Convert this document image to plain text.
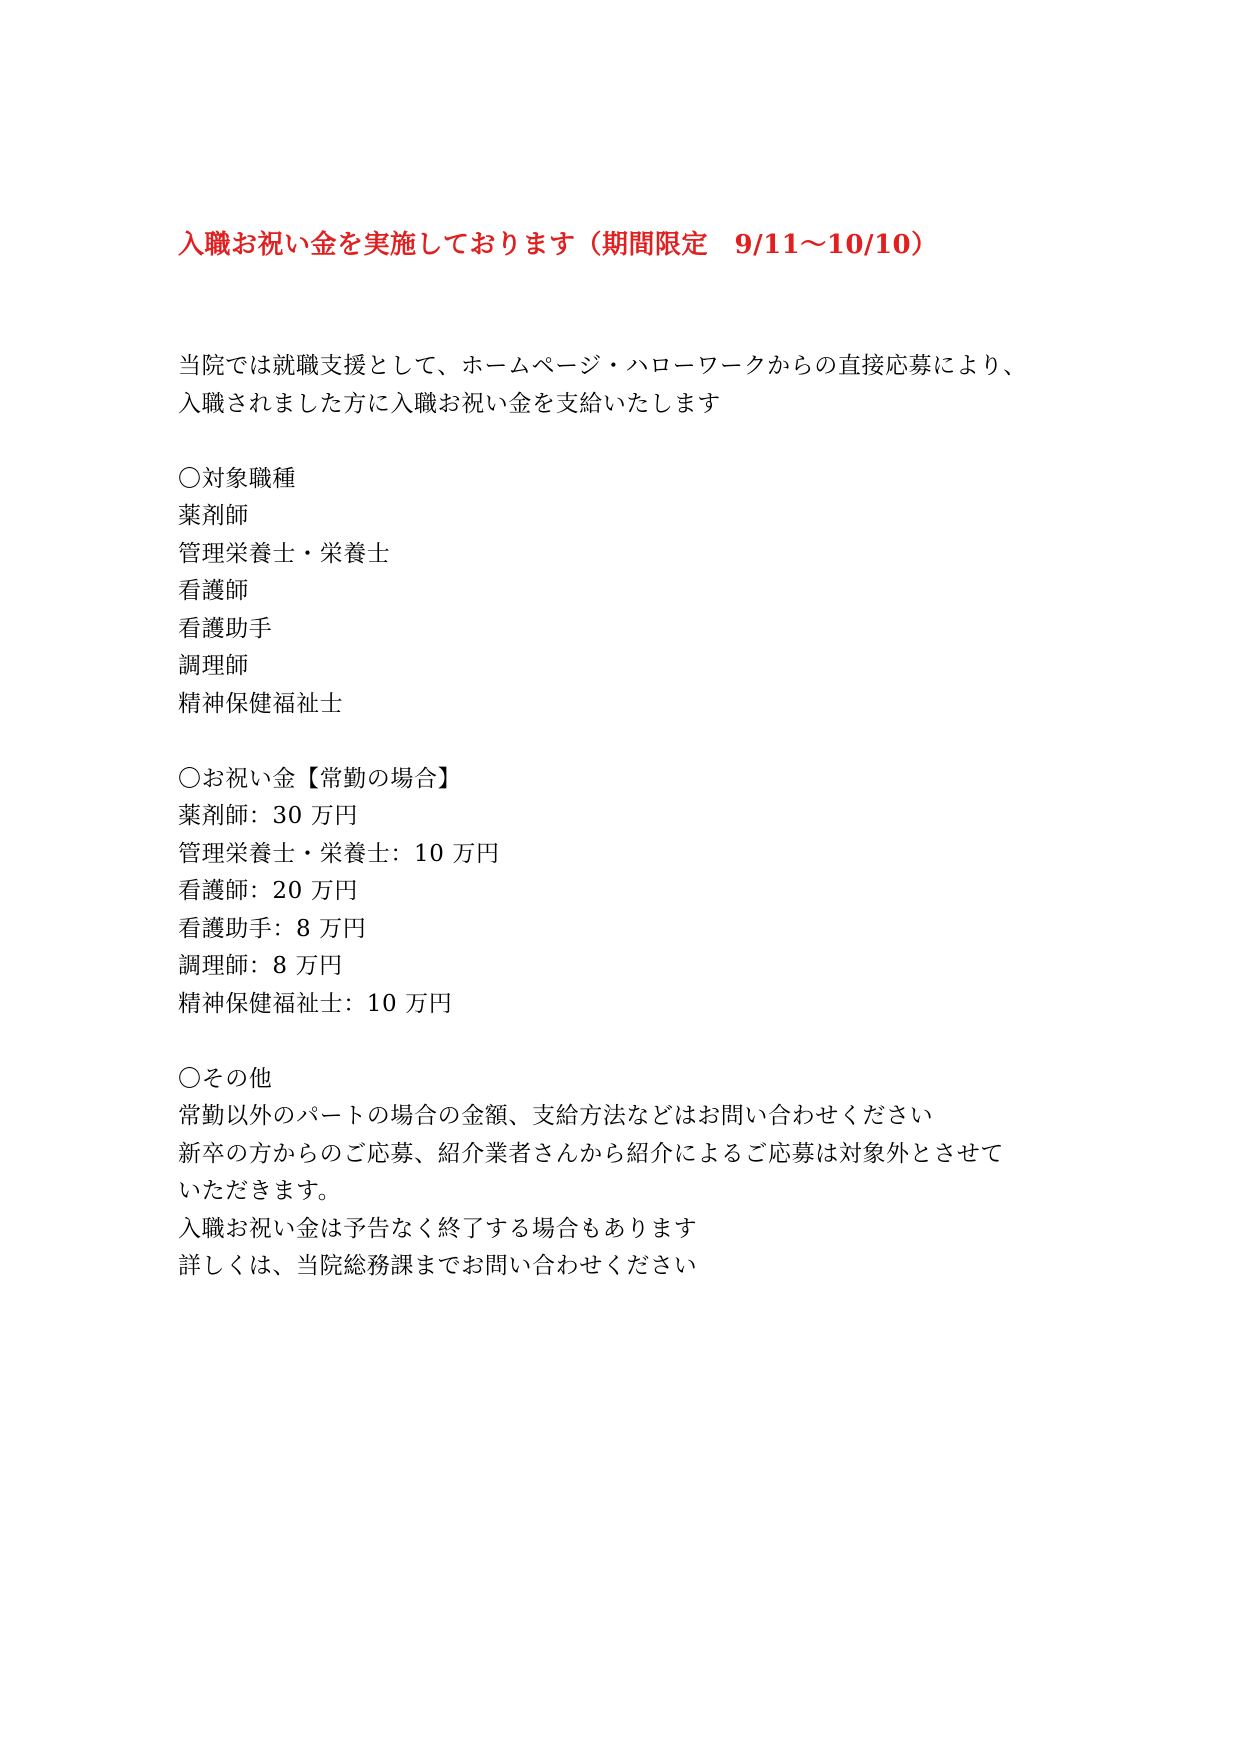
入職お祝い金を実施しております（期間限定　9/11～10/10）

当院では就職支援として、ホームページ・ハローワークからの直接応募により、

入職されました方に入職お祝い金を支給いたします

〇対象職種

薬剤師

管理栄養士・栄養士

看護師

看護助手

調理師

精神保健福祉士

〇お祝い金【常勤の場合】

薬剤師：30 万円

管理栄養士・栄養士：10 万円

看護師：20 万円

看護助手：8 万円

調理師：8 万円

精神保健福祉士：10 万円

〇その他

常勤以外のパートの場合の金額、支給方法などはお問い合わせください

新卒の方からのご応募、紹介業者さんから紹介によるご応募は対象外とさせて

いただきます。

入職お祝い金は予告なく終了する場合もあります

詳しくは、当院総務課までお問い合わせください
